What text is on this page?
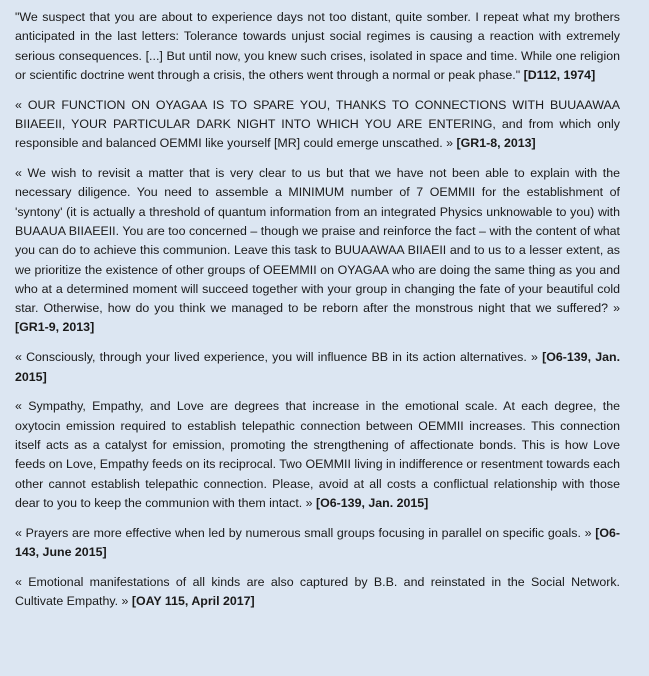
"We suspect that you are about to experience days not too distant, quite somber. I repeat what my brothers anticipated in the last letters: Tolerance towards unjust social regimes is causing a reaction with extremely serious consequences. [...] But until now, you knew such crises, isolated in space and time. While one religion or scientific doctrine went through a crisis, the others went through a normal or peak phase." [D112, 1974]

« OUR FUNCTION ON OYAGAA IS TO SPARE YOU, THANKS TO CONNECTIONS WITH BUUAAWAA BIIAEEII, YOUR PARTICULAR DARK NIGHT INTO WHICH YOU ARE ENTERING, and from which only responsible and balanced OEMMI like yourself [MR] could emerge unscathed. » [GR1-8, 2013]

« We wish to revisit a matter that is very clear to us but that we have not been able to explain with the necessary diligence. You need to assemble a MINIMUM number of 7 OEMMII for the establishment of 'syntony' (it is actually a threshold of quantum information from an integrated Physics unknowable to you) with BUAAUA BIIAEEII. You are too concerned – though we praise and reinforce the fact – with the content of what you can do to achieve this communion. Leave this task to BUUAAWAA BIIAEII and to us to a lesser extent, as we prioritize the existence of other groups of OEEMMII on OYAGAA who are doing the same thing as you and who at a determined moment will succeed together with your group in changing the fate of your beautiful cold star. Otherwise, how do you think we managed to be reborn after the monstrous night that we suffered? » [GR1-9, 2013]

« Consciously, through your lived experience, you will influence BB in its action alternatives. » [O6-139, Jan. 2015]

« Sympathy, Empathy, and Love are degrees that increase in the emotional scale. At each degree, the oxytocin emission required to establish telepathic connection between OEMMII increases. This connection itself acts as a catalyst for emission, promoting the strengthening of affectionate bonds. This is how Love feeds on Love, Empathy feeds on its reciprocal. Two OEMMII living in indifference or resentment towards each other cannot establish telepathic connection. Please, avoid at all costs a conflictual relationship with those dear to you to keep the communion with them intact. » [O6-139, Jan. 2015]

« Prayers are more effective when led by numerous small groups focusing in parallel on specific goals. » [O6-143, June 2015]

« Emotional manifestations of all kinds are also captured by B.B. and reinstated in the Social Network. Cultivate Empathy. » [OAY 115, April 2017]
